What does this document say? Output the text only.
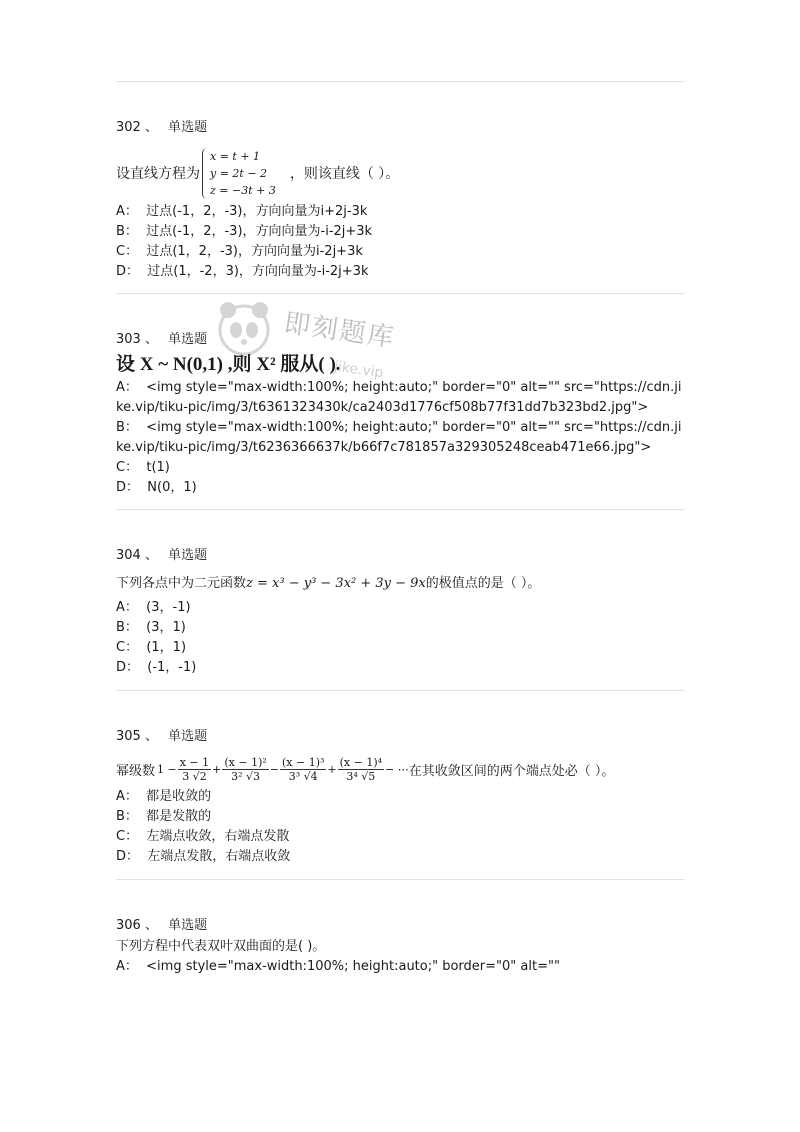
302 、 单选题
设直线方程为
x = t + 1
y = 2t − 2
z = −3t + 3
，则该直线（ ）。
A：  过点(-1，2，-3)，方向向量为i+2j-3k
B：  过点(-1，2，-3)，方向向量为-i-2j+3k
C：  过点(1，2，-3)，方向向量为i-2j+3k
D：  过点(1，-2，3)，方向向量为-i-2j+3k
303 、 单选题
设 X ~ N(0,1) ,则 X² 服从( ).
A：  <img style="max-width:100%; height:auto;" border="0" alt="" src="https://cdn.jike.vip/tiku-pic/img/3/t6361323430k/ca2403d1776cf508b77f31dd7b323bd2.jpg">
B：  <img style="max-width:100%; height:auto;" border="0" alt="" src="https://cdn.jike.vip/tiku-pic/img/3/t6236366637k/b66f7c781857a329305248ceab471e66.jpg">
C：  t(1)
D：  N(0，1)
304 、 单选题
下列各点中为二元函数 z = x³ − y³ − 3x² + 3y − 9x 的极值点的是（ ）。
A：  (3，-1)
B：  (3，1)
C：  (1，1)
D：  (-1，-1)
305 、 单选题
幂级数 $1 - \frac{x - 1}{3 √2} + \frac{\text{(x − 1)²}}{\text{3² √3}} - \frac{\text{(x − 1)³}}{\text{3³ √4}} + \frac{\text{(x − 1)⁴}}{\text{3⁴ √5}}$ − ⋯ 在其收敛区间的两个端点处必（ ）。
A：  都是收敛的
B：  都是发散的
C：  左端点收敛，右端点发散
D：  左端点发散，右端点收敛
306 、 单选题
下列方程中代表双叶双曲面的是( )。
A：  <img style="max-width:100%; height:auto;" border="0" alt=""
即刻题库
jike.vip
